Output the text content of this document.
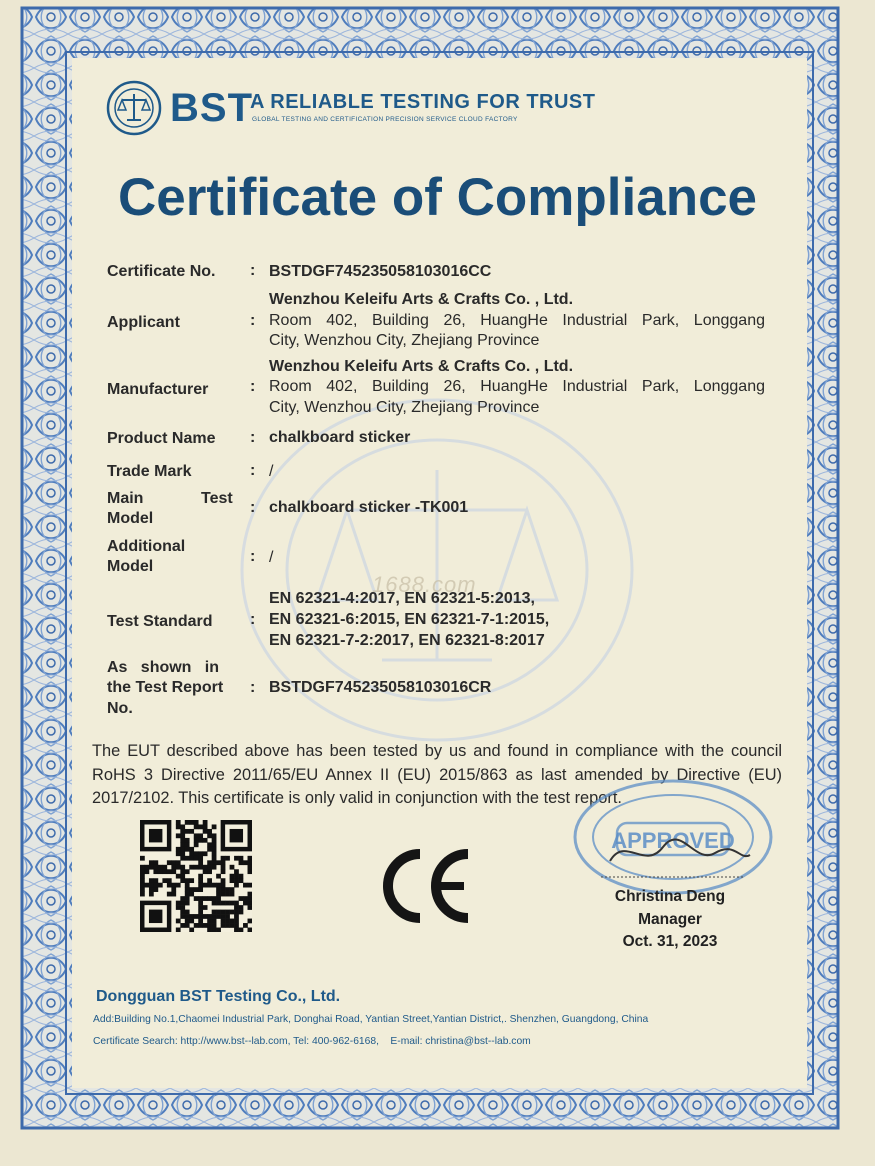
1688.com
BST
A RELIABLE TESTING FOR TRUST
GLOBAL TESTING AND CERTIFICATION PRECISION SERVICE CLOUD FACTORY
Certificate of Compliance
Certificate No. : BSTDGF745235058103016CC
Wenzhou Keleifu Arts & Crafts Co. , Ltd.
Applicant	: Room 402, Building 26, HuangHe Industrial Park, Longgang
City, Wenzhou City, Zhejiang Province
Wenzhou Keleifu Arts & Crafts Co. , Ltd.
Manufacturer	: Room 402, Building 26, HuangHe Industrial Park, Longgang
City, Wenzhou City, Zhejiang Province
Product Name : chalkboard sticker
Trade Mark	: /
Main	Test
Model
: chalkboard sticker -TK001
Additional
Model
: /
EN 62321-4:2017, EN 62321-5:2013,
Test Standard : EN 62321-6:2015, EN 62321-7-1:2015,
EN 62321-7-2:2017, EN 62321-8:2017
As   shown   in
the Test Report
No.
: BSTDGF745235058103016CR
The EUT described above has been tested by us and found in compliance with the council RoHS 3 Directive 2011/65/EU Annex II (EU) 2015/863 as last amended by Directive (EU) 2017/2102. This certificate is only valid in conjunction with the test report.
APPROVED
Christina Deng
Manager
Oct. 31, 2023
Dongguan BST Testing Co., Ltd.
Add:Building No.1,Chaomei Industrial Park, Donghai Road, Yantian Street,Yantian District,. Shenzhen, Guangdong, China
Certificate Search: http://www.bst--lab.com, Tel: 400-962-6168,    E-mail: christina@bst--lab.com
